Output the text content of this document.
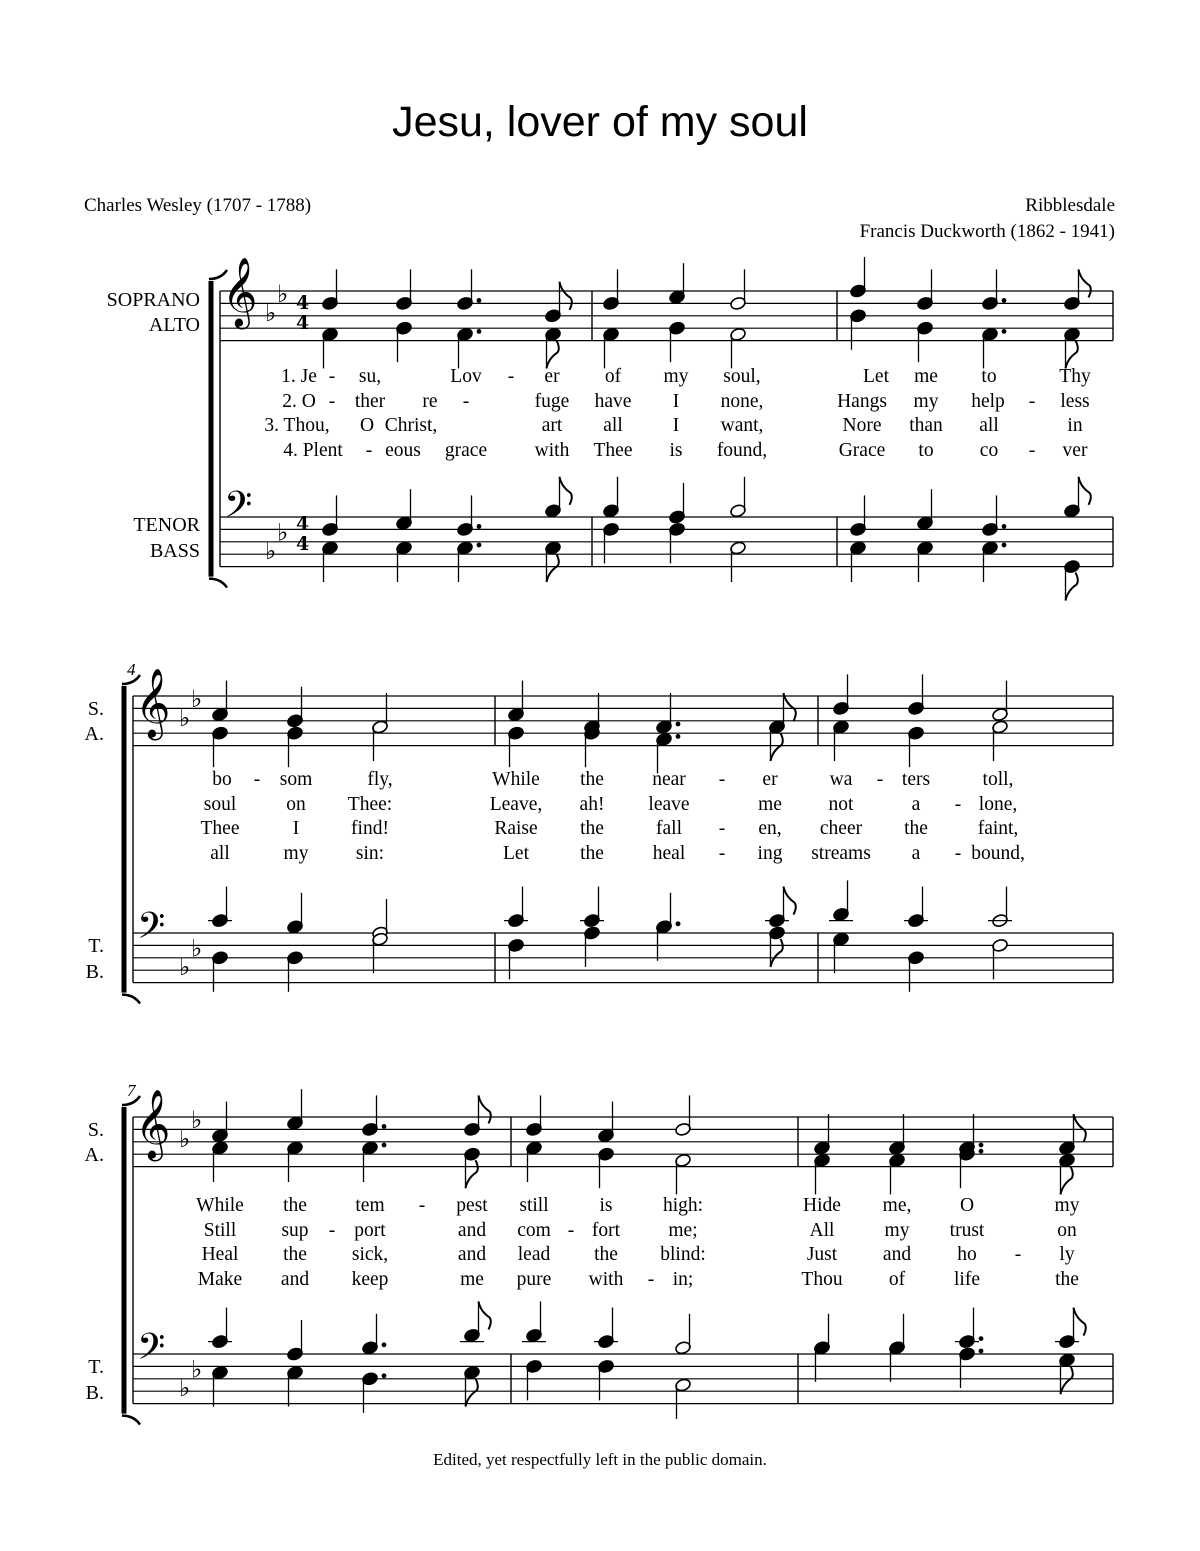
Jesu, lover of my soul
Charles Wesley (1707 - 1788)	Ribblesdale
Francis Duckworth (1862 - 1941)
SOPRANO
ALTO
TENOR
BASS
S.
A.
T.
B.
S.
A.
T.
B.
4
7
𝄞
𝄢
𝄞
𝄢
𝄞
𝄢
4
4
4
4
♭
♭
♭
♭
♭
♭
♭
♭
♭
♭
♭
♭
1. Je - su,	Lov - er of my soul,	Let me to	Thy
2. O - ther re -	fuge have I none,	Hangs my help - less
3. Thou, O Christ,	art all	I want,	Nore than all	in
4. Plent - eous grace with Thee is found,	Grace to co - ver
bo - som	fly,	While the near - er	wa - ters	toll,
soul	on Thee:	Leave, ah! leave	me not	a - lone,
Thee	I	find!	Raise the	fall - en, cheer the	faint,
all	my sin:	Let	the	heal - ing streams a - bound,
While the tem - pest still	is	high:	Hide me, O	my
Still sup - port	and com - fort me;	All	my trust	on
Heal the sick,	and lead the blind:	Just and ho - ly
Make and keep	me pure with - in;	Thou of	life	the
Edited, yet respectfully left in the public domain.
